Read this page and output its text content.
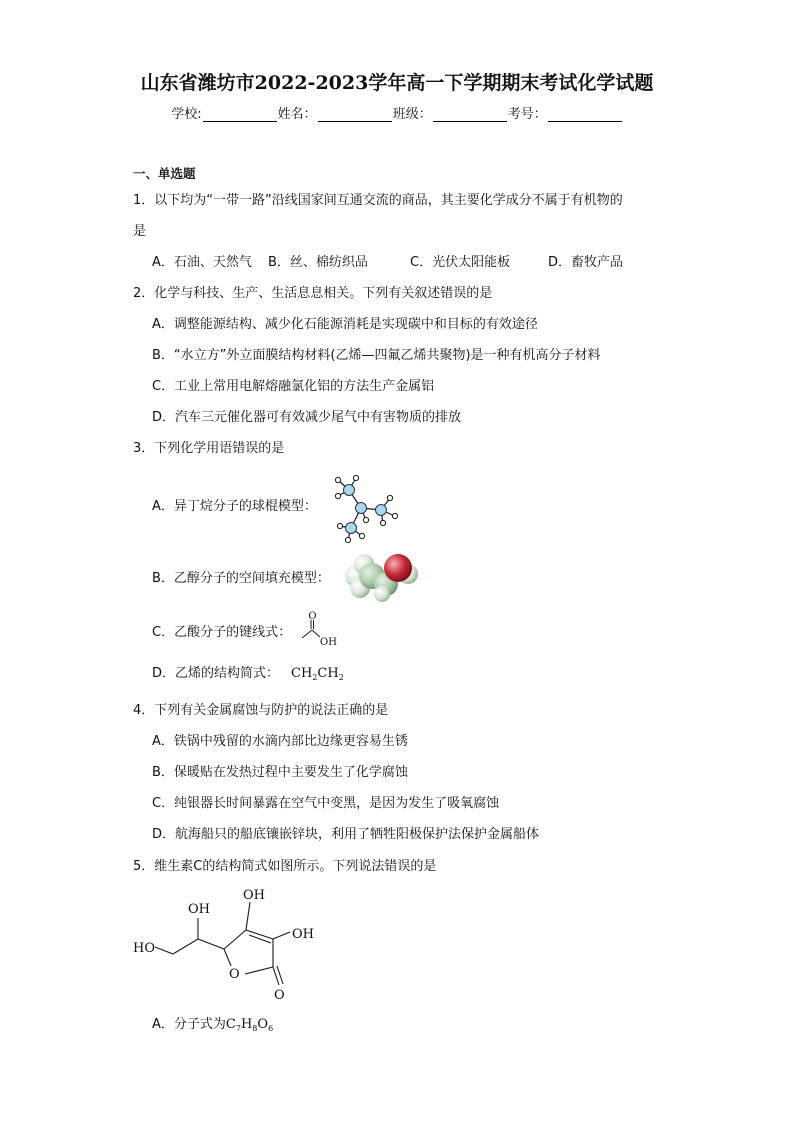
山东省潍坊市2022-2023学年高一下学期期末考试化学试题
学校:	姓名：	班级：	考号：
一、单选题
1．以下均为“一带一路”沿线国家间互通交流的商品，其主要化学成分不属于有机物的
是
A．石油、天然气 B．丝、棉纺织品	C．光伏太阳能板	D．畜牧产品
2．化学与科技、生产、生活息息相关。下列有关叙述错误的是
A．调整能源结构、减少化石能源消耗是实现碳中和目标的有效途径
B．“水立方”外立面膜结构材料(乙烯—四氟乙烯共聚物)是一种有机高分子材料
C．工业上常用电解熔融氯化铝的方法生产金属铝
D．汽车三元催化器可有效减少尾气中有害物质的排放
3．下列化学用语错误的是
A．异丁烷分子的球棍模型：
B．乙醇分子的空间填充模型：
C．乙酸分子的键线式：
O
OH
D．乙烯的结构简式： $CH_2CH_2$
4．下列有关金属腐蚀与防护的说法正确的是
A．铁锅中残留的水滴内部比边缘更容易生锈
B．保暖贴在发热过程中主要发生了化学腐蚀
C．纯银器长时间暴露在空气中变黑，是因为发生了吸氧腐蚀
D．航海船只的船底镶嵌锌块，利用了牺牲阳极保护法保护金属船体
5．维生素C的结构简式如图所示。下列说法错误的是
HO
OH
OH
OH
O
O
A．分子式为$C_7H_8O_6$
